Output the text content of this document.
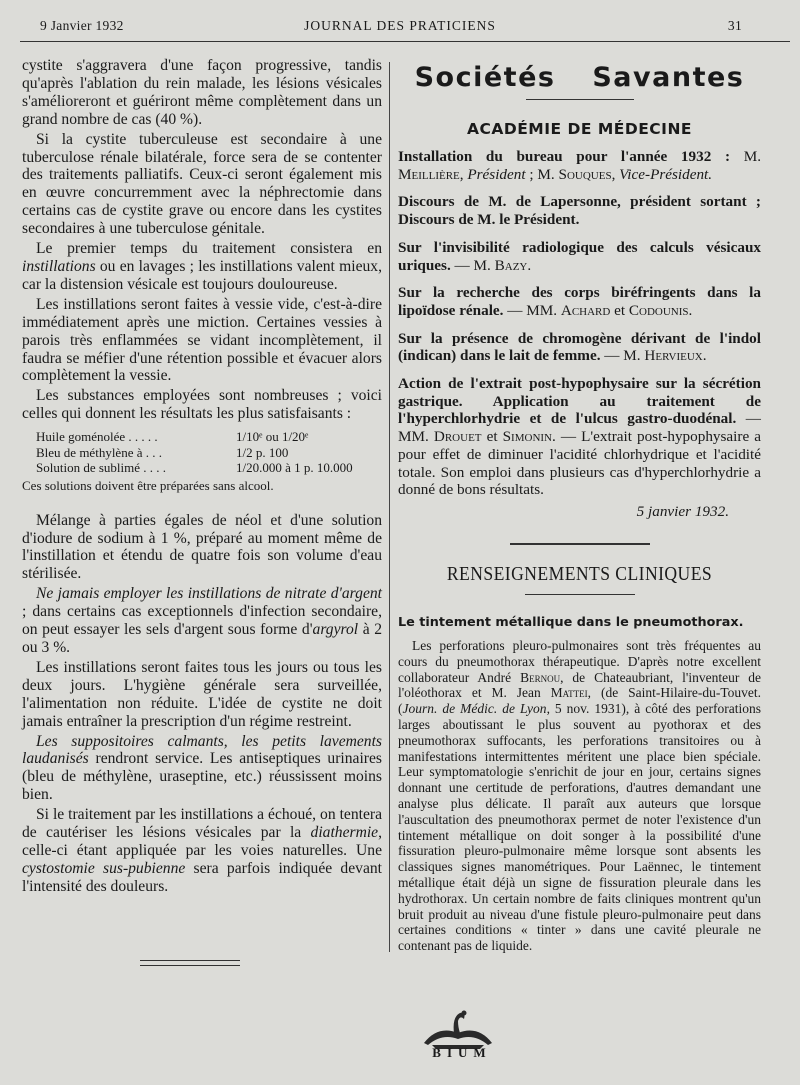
9 Janvier 1932	JOURNAL DES PRATICIENS	31

cystite s'aggravera d'une façon progressive, tandis qu'après l'ablation du rein malade, les lésions vésicales s'amélioreront et guériront même complètement dans un grand nombre de cas (40 %).

Si la cystite tuberculeuse est secondaire à une tuberculose rénale bilatérale, force sera de se contenter des traitements palliatifs. Ceux-ci seront également mis en œuvre concurremment avec la néphrectomie dans certains cas de cystite grave ou encore dans les cystites secondaires à une tuberculose génitale.

Le premier temps du traitement consistera en instillations ou en lavages ; les instillations valent mieux, car la distension vésicale est toujours douloureuse.

Les instillations seront faites à vessie vide, c'est-à-dire immédiatement après une miction. Certaines vessies à parois très enflammées se vidant incomplètement, il faudra se méfier d'une rétention possible et évacuer alors complètement la vessie.

Les substances employées sont nombreuses ; voici celles qui donnent les résultats les plus satisfaisants :

Huile goménolée . . . . .	1/10ᵉ ou 1/20ᵉ
Bleu de méthylène à . . .	1/2 p. 100
Solution de sublimé . . . .	1/20.000 à 1 p. 10.000
Ces solutions doivent être préparées sans alcool.

Mélange à parties égales de néol et d'une solution d'iodure de sodium à 1 %, préparé au moment même de l'instillation et étendu de quatre fois son volume d'eau stérilisée.

Ne jamais employer les instillations de nitrate d'argent ; dans certains cas exceptionnels d'infection secondaire, on peut essayer les sels d'argent sous forme d'argyrol à 2 ou 3 %.

Les instillations seront faites tous les jours ou tous les deux jours. L'hygiène générale sera surveillée, l'alimentation non réduite. L'idée de cystite ne doit jamais entraîner la prescription d'un régime restreint.

Les suppositoires calmants, les petits lavements laudanisés rendront service. Les antiseptiques urinaires (bleu de méthylène, uraseptine, etc.) réussissent moins bien.

Si le traitement par les instillations a échoué, on tentera de cautériser les lésions vésicales par la diathermie, celle-ci étant appliquée par les voies naturelles. Une cystostomie sus-pubienne sera parfois indiquée devant l'intensité des douleurs.

Sociétés Savantes
ACADÉMIE DE MÉDECINE

Installation du bureau pour l'année 1932 : M. Meillière, Président ; M. Souques, Vice-Président.

Discours de M. de Lapersonne, président sortant ; Discours de M. le Président.

Sur l'invisibilité radiologique des calculs vésicaux uriques. — M. Bazy.

Sur la recherche des corps biréfringents dans la lipoïdose rénale. — MM. Achard et Codounis.

Sur la présence de chromogène dérivant de l'indol (indican) dans le lait de femme. — M. Hervieux.

Action de l'extrait post-hypophysaire sur la sécrétion gastrique. Application au traitement de l'hyperchlorhydrie et de l'ulcus gastro-duodénal. — MM. Drouet et Simonin. — L'extrait post-hypophysaire a pour effet de diminuer l'acidité chlorhydrique et l'acidité totale. Son emploi dans plusieurs cas d'hyperchlorhydrie a donné de bons résultats.

5 janvier 1932.
RENSEIGNEMENTS CLINIQUES
Le tintement métallique dans le pneumothorax.

Les perforations pleuro-pulmonaires sont très fréquentes au cours du pneumothorax thérapeutique. D'après notre excellent collaborateur André Bernou, de Chateaubriant, l'inventeur de l'oléothorax et M. Jean Mattei, (de Saint-Hilaire-du-Touvet. (Journ. de Médic. de Lyon, 5 nov. 1931), à côté des perforations larges aboutissant le plus souvent au pyothorax et des pneumothorax suffocants, les perforations transitoires ou à manifestations intermittentes méritent une place bien spéciale. Leur symptomatologie s'enrichit de jour en jour, certains signes donnant une certitude de perforations, d'autres demandant une analyse plus délicate. Il paraît aux auteurs que lorsque l'auscultation des pneumothorax permet de noter l'existence d'un tintement métallique on doit songer à la possibilité d'une fissuration pleuro-pulmonaire même lorsque sont absents les classiques signes manométriques. Pour Laënnec, le tintement métallique était déjà un signe de fissuration pleurale dans les hydrothorax. Un certain nombre de faits cliniques montrent qu'un bruit produit au niveau d'une fistule pleuro-pulmonaire peut dans certaines conditions « tinter » dans une cavité pleurale ne contenant pas de liquide.

BIUM
